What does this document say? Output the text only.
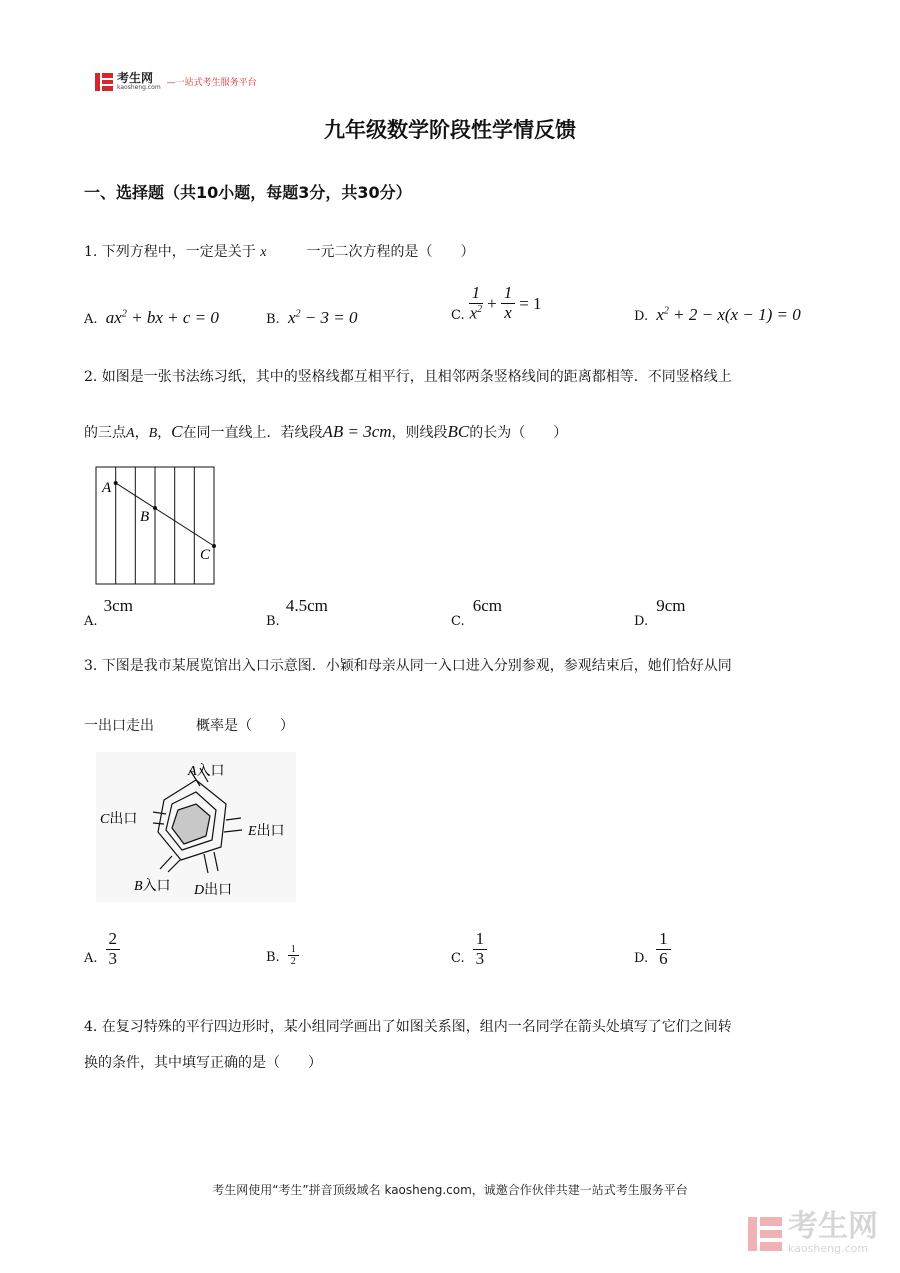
考生网
kaosheng.com —一站式考生服务平台
九年级数学阶段性学情反馈
一、选择题（共10小题，每题3分，共30分）
1. 下列方程中，一定是关于 x	一元二次方程的是（　　）
A. $ax^2$ + bx + c = 0	B. $x^2 - 3 = 0$	C. $\frac{1}{x^2} + \frac{1}{x} = 1$
D. $x^2 + 2 - x(x - 1) = 0$
2. 如图是一张书法练习纸，其中的竖格线都互相平行，且相邻两条竖格线间的距离都相等．不同竖格线上
的三点A，B，C在同一直线上．若线段AB = 3cm，则线段BC的长为（　　）
A
B
C
A. 3cm
B. 4.5cm
C. 6cm
D. 9cm
3. 下图是我市某展览馆出入口示意图．小颖和母亲从同一入口进入分别参观，参观结束后，她们恰好从同
一出口走出	概率是（　　）
A入口
C出口
E出口
B入口 D出口
A. $\frac{2}{3}$	B. $\frac{1}{2}$	C. $\frac{1}{3}$	D. $\frac{1}{6}$
4. 在复习特殊的平行四边形时，某小组同学画出了如图关系图，组内一名同学在箭头处填写了它们之间转
换的条件，其中填写正确的是（　　）
考生网使用“考生”拼音顶级域名 kaosheng.com，诚邀合作伙伴共建一站式考生服务平台
考生网
kaosheng.com
